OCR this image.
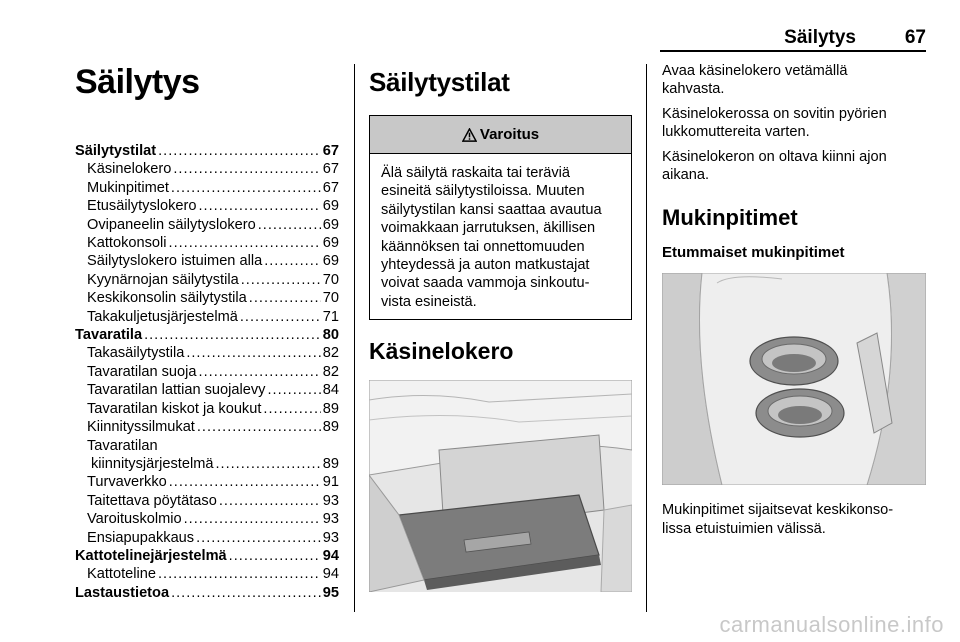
Säilytys	67
Säilytys
Säilytystilat .....	67
Käsinelokero .....	67
Mukinpitimet .....	67
Etusäilytyslokero .....	69
Ovipaneelin säilytyslokero .....	69
Kattokonsoli .....	69
Säilytyslokero istuimen alla .....	69
Kyynärnojan säilytystila .....	70
Keskikonsolin säilytystila .....	70
Takakuljetusjärjestelmä .....	71
Tavaratila .....	80
Takasäilytystila .....	82
Tavaratilan suoja .....	82
Tavaratilan lattian suojalevy .....	84
Tavaratilan kiskot ja koukut .....	89
Kiinnityssilmukat .....	89
Tavaratilan
kiinnitysjärjestelmä .....	89
Turvaverkko .....	91
Taitettava pöytätaso .....	93
Varoituskolmio .....	93
Ensiapupakkaus .....	93
Kattotelinejärjestelmä .....	94
Kattoteline .....	94
Lastaustietoa .....	95
Säilytystilat
Varoitus
Älä säilytä raskaita tai teräviä
esineitä säilytystiloissa. Muuten
säilytystilan kansi saattaa avautua
voimakkaan jarrutuksen, äkillisen
käännöksen tai onnettomuuden
yhteydessä ja auton matkustajat
voivat saada vammoja sinkoutu-
vista esineistä.
Käsinelokero
Avaa käsinelokero vetämällä
kahvasta.
Käsinelokerossa on sovitin pyörien
lukkomuttereita varten.
Käsinelokeron on oltava kiinni ajon
aikana.
Mukinpitimet
Etummaiset mukinpitimet
Mukinpitimet sijaitsevat keskikonso-
lissa etuistuimien välissä.
carmanualsonline.info
